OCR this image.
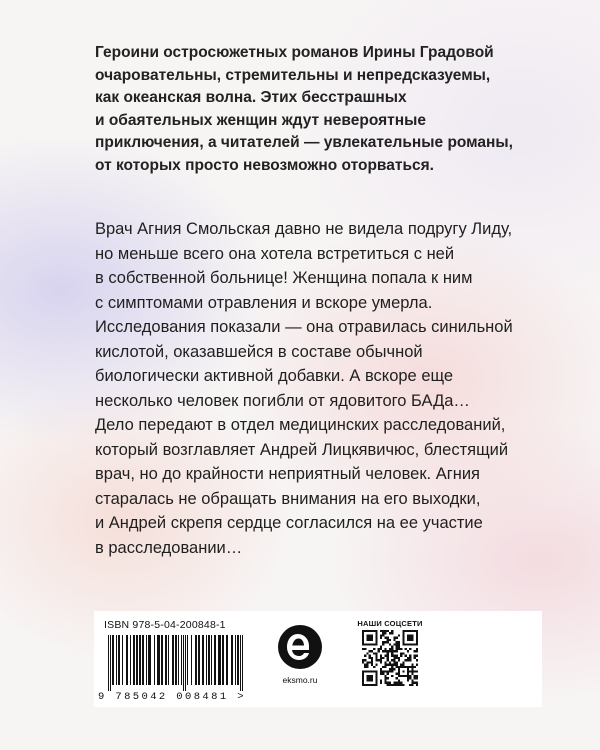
Героини остросюжетных романов Ирины Градовой
очаровательны, стремительны и непредсказуемы,
как океанская волна. Этих бесстрашных
и обаятельных женщин ждут невероятные
приключения, а читателей — увлекательные романы,
от которых просто невозможно оторваться.
Врач Агния Смольская давно не видела подругу Лиду,
но меньше всего она хотела встретиться с ней
в собственной больнице! Женщина попала к ним
с симптомами отравления и вскоре умерла.
Исследования показали — она отравилась синильной
кислотой, оказавшейся в составе обычной
биологически активной добавки. А вскоре еще
несколько человек погибли от ядовитого БАДа…
Дело передают в отдел медицинских расследований,
который возглавляет Андрей Лицкявичюс, блестящий
врач, но до крайности неприятный человек. Агния
старалась не обращать внимания на его выходки,
и Андрей скрепя сердце согласился на ее участие
в расследовании…
ISBN 978-5-04-200848-1
9 785042 008481 >
eksmo.ru
НАШИ СОЦСЕТИ
